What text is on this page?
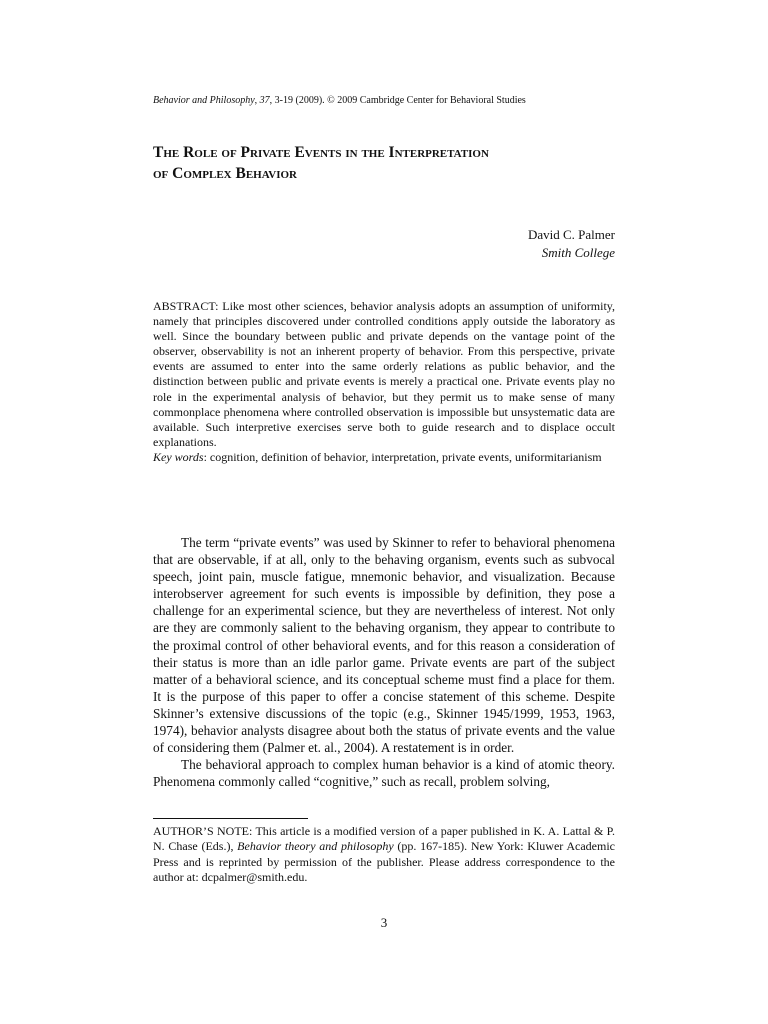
Behavior and Philosophy, 37, 3-19 (2009). © 2009 Cambridge Center for Behavioral Studies
The Role of Private Events in the Interpretation
of Complex Behavior
David C. Palmer
Smith College
ABSTRACT: Like most other sciences, behavior analysis adopts an assumption of uniformity, namely that principles discovered under controlled conditions apply outside the laboratory as well. Since the boundary between public and private depends on the vantage point of the observer, observability is not an inherent property of behavior. From this perspective, private events are assumed to enter into the same orderly relations as public behavior, and the distinction between public and private events is merely a practical one. Private events play no role in the experimental analysis of behavior, but they permit us to make sense of many commonplace phenomena where controlled observation is impossible but unsystematic data are available. Such interpretive exercises serve both to guide research and to displace occult explanations.
Key words: cognition, definition of behavior, interpretation, private events, uniformitarianism

The term “private events” was used by Skinner to refer to behavioral phenomena that are observable, if at all, only to the behaving organism, events such as subvocal speech, joint pain, muscle fatigue, mnemonic behavior, and visualization. Because interobserver agreement for such events is impossible by definition, they pose a challenge for an experimental science, but they are nevertheless of interest. Not only are they are commonly salient to the behaving organism, they appear to contribute to the proximal control of other behavioral events, and for this reason a consideration of their status is more than an idle parlor game. Private events are part of the subject matter of a behavioral science, and its conceptual scheme must find a place for them. It is the purpose of this paper to offer a concise statement of this scheme. Despite Skinner’s extensive discussions of the topic (e.g., Skinner 1945/1999, 1953, 1963, 1974), behavior analysts disagree about both the status of private events and the value of considering them (Palmer et. al., 2004). A restatement is in order.

The behavioral approach to complex human behavior is a kind of atomic theory. Phenomena commonly called “cognitive,” such as recall, problem solving,

AUTHOR’S NOTE: This article is a modified version of a paper published in K. A. Lattal & P. N. Chase (Eds.), Behavior theory and philosophy (pp. 167-185). New York: Kluwer Academic Press and is reprinted by permission of the publisher. Please address correspondence to the author at: dcpalmer@smith.edu.
3
